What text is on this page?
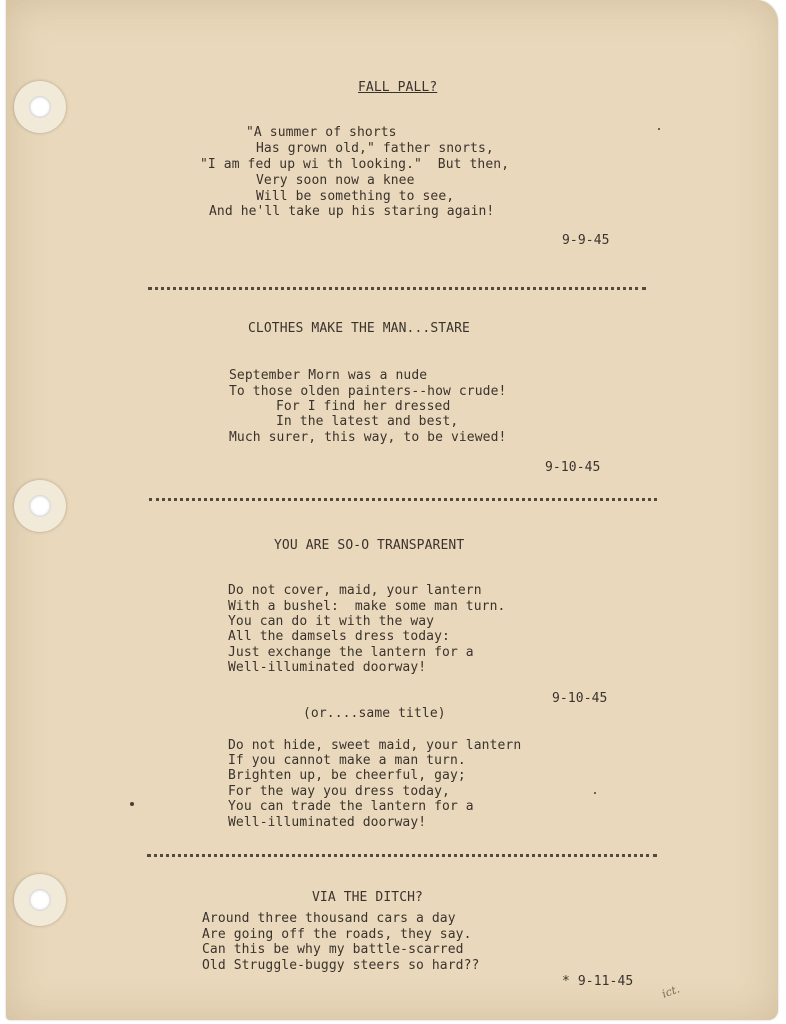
FALL PALL?
"A summer of shorts
Has grown old," father snorts,
"I am fed up wi th looking."  But then,
Very soon now a knee
Will be something to see,
And he'll take up his staring again!
9-9-45
CLOTHES MAKE THE MAN...STARE
September Morn was a nude
To those olden painters--how crude!
For I find her dressed
In the latest and best,
Much surer, this way, to be viewed!
9-10-45
YOU ARE SO-O TRANSPARENT
Do not cover, maid, your lantern
With a bushel:  make some man turn.
You can do it with the way
All the damsels dress today:
Just exchange the lantern for a
Well-illuminated doorway!
9-10-45
(or....same title)
Do not hide, sweet maid, your lantern
If you cannot make a man turn.
Brighten up, be cheerful, gay;
For the way you dress today,
You can trade the lantern for a
Well-illuminated doorway!
VIA THE DITCH?
Around three thousand cars a day
Are going off the roads, they say.
Can this be why my battle-scarred
Old Struggle-buggy steers so hard??
* 9-11-45
ict.
